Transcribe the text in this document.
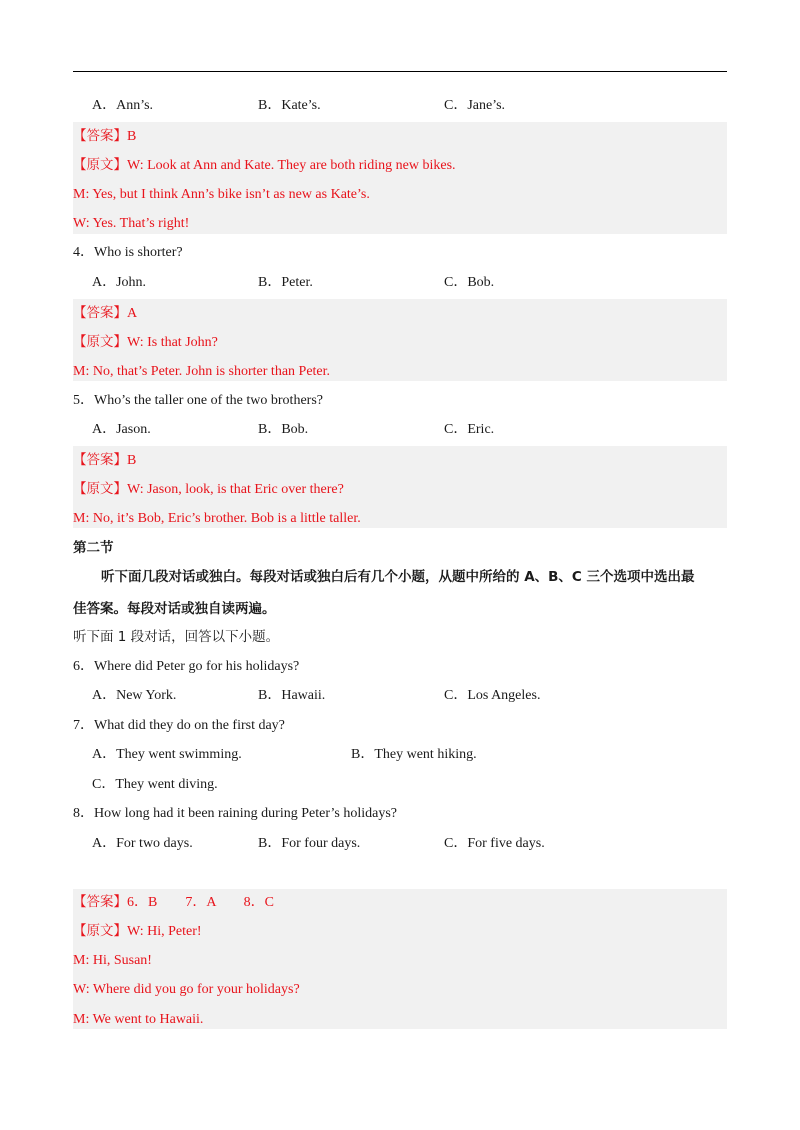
A．Ann’s.	B．Kate’s.	C．Jane’s.
【答案】B
【原文】W: Look at Ann and Kate. They are both riding new bikes.
M: Yes, but I think Ann’s bike isn’t as new as Kate’s.
W: Yes. That’s right!
4．Who is shorter?
A．John.	B．Peter.	C．Bob.
【答案】A
【原文】W: Is that John?
M: No, that’s Peter. John is shorter than Peter.
5．Who’s the taller one of the two brothers?
A．Jason.	B．Bob.	C．Eric.
【答案】B
【原文】W: Jason, look, is that Eric over there?
M: No, it’s Bob, Eric’s brother. Bob is a little taller.
第二节
听下面几段对话或独白。每段对话或独白后有几个小题，从题中所给的 A、B、C 三个选项中选出最
佳答案。每段对话或独自读两遍。
听下面 1 段对话，回答以下小题。
6．Where did Peter go for his holidays?
A．New York.	B．Hawaii.	C．Los Angeles.
7．What did they do on the first day?
A．They went swimming.	B．They went hiking.
C．They went diving.
8．How long had it been raining during Peter’s holidays?
A．For two days.	B．For four days.	C．For five days.
【答案】6．B　　7．A　　8．C
【原文】W: Hi, Peter!
M: Hi, Susan!
W: Where did you go for your holidays?
M: We went to Hawaii.
